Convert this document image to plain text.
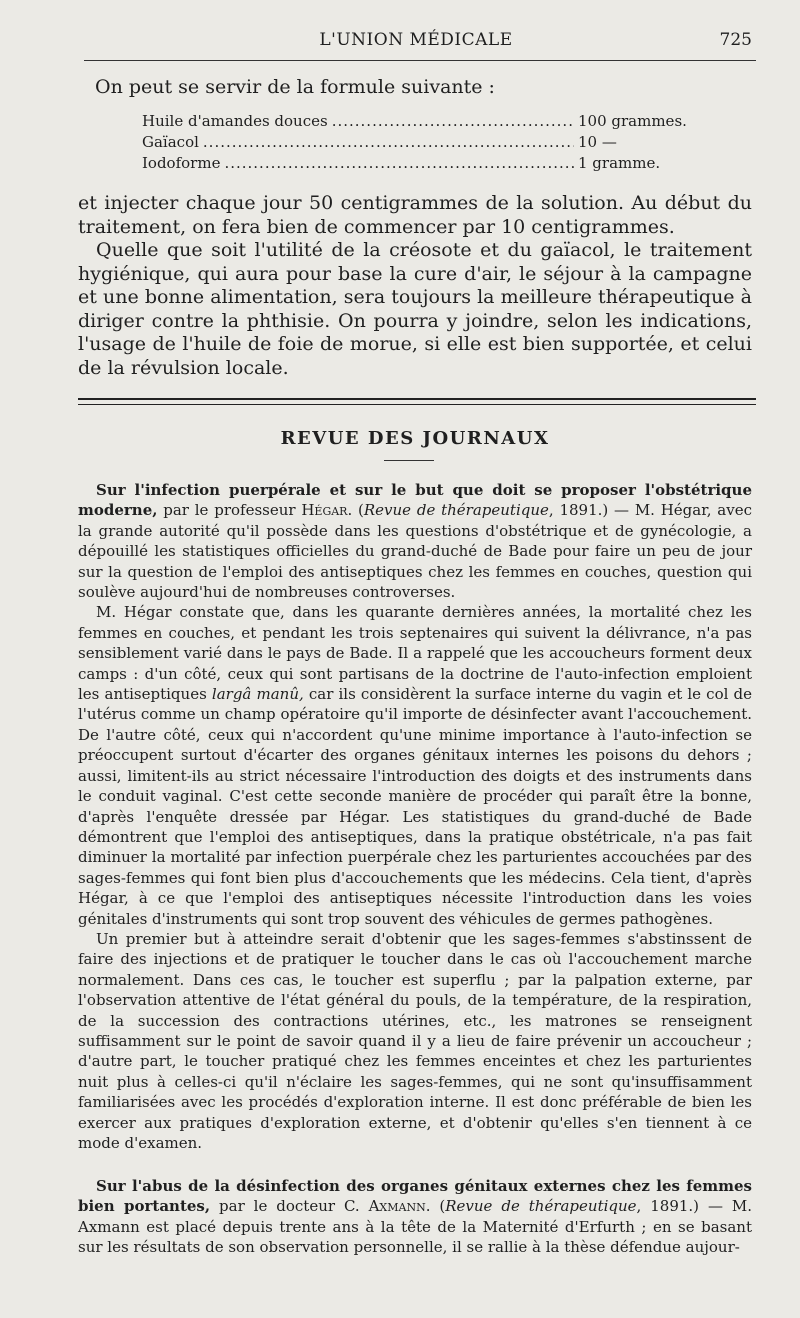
L'UNION MÉDICALE	725
On peut se servir de la formule suivante :
Huile d'amandes douces .....	100 grammes.
Gaïacol .....	10 —
Iodoforme .....	1 gramme.

et injecter chaque jour 50 centigrammes de la solution. Au début du traitement, on fera bien de commencer par 10 centigrammes.

Quelle que soit l'utilité de la créosote et du gaïacol, le traitement hygiénique, qui aura pour base la cure d'air, le séjour à la campagne et une bonne alimentation, sera toujours la meilleure thérapeutique à diriger contre la phthisie. On pourra y joindre, selon les indications, l'usage de l'huile de foie de morue, si elle est bien supportée, et celui de la révulsion locale.

REVUE DES JOURNAUX

Sur l'infection puerpérale et sur le but que doit se proposer l'obstétrique moderne, par le professeur Hégar. (Revue de thérapeutique, 1891.) — M. Hégar, avec la grande autorité qu'il possède dans les questions d'obstétrique et de gynécologie, a dépouillé les statistiques officielles du grand-duché de Bade pour faire un peu de jour sur la question de l'emploi des antiseptiques chez les femmes en couches, question qui soulève aujourd'hui de nombreuses controverses.

M. Hégar constate que, dans les quarante dernières années, la mortalité chez les femmes en couches, et pendant les trois septenaires qui suivent la délivrance, n'a pas sensiblement varié dans le pays de Bade. Il a rappelé que les accoucheurs forment deux camps : d'un côté, ceux qui sont partisans de la doctrine de l'auto-infection emploient les antiseptiques largâ manû, car ils considèrent la surface interne du vagin et le col de l'utérus comme un champ opératoire qu'il importe de désinfecter avant l'accouchement. De l'autre côté, ceux qui n'accordent qu'une minime importance à l'auto-infection se préoccupent surtout d'écarter des organes génitaux internes les poisons du dehors ; aussi, limitent-ils au strict nécessaire l'introduction des doigts et des instruments dans le conduit vaginal. C'est cette seconde manière de procéder qui paraît être la bonne, d'après l'enquête dressée par Hégar. Les statistiques du grand-duché de Bade démontrent que l'emploi des antiseptiques, dans la pratique obstétricale, n'a pas fait diminuer la mortalité par infection puerpérale chez les parturientes accouchées par des sages-femmes qui font bien plus d'accouchements que les médecins. Cela tient, d'après Hégar, à ce que l'emploi des antiseptiques nécessite l'introduction dans les voies génitales d'instruments qui sont trop souvent des véhicules de germes pathogènes.

Un premier but à atteindre serait d'obtenir que les sages-femmes s'abstinssent de faire des injections et de pratiquer le toucher dans le cas où l'accouchement marche normalement. Dans ces cas, le toucher est superflu ; par la palpation externe, par l'observation attentive de l'état général du pouls, de la température, de la respiration, de la succession des contractions utérines, etc., les matrones se renseignent suffisamment sur le point de savoir quand il y a lieu de faire prévenir un accoucheur ; d'autre part, le toucher pratiqué chez les femmes enceintes et chez les parturientes nuit plus à celles-ci qu'il n'éclaire les sages-femmes, qui ne sont qu'insuffisamment familiarisées avec les procédés d'exploration interne. Il est donc préférable de bien les exercer aux pratiques d'exploration externe, et d'obtenir qu'elles s'en tiennent à ce mode d'examen.

Sur l'abus de la désinfection des organes génitaux externes chez les femmes bien portantes, par le docteur C. Axmann. (Revue de thérapeutique, 1891.) — M. Axmann est placé depuis trente ans à la tête de la Maternité d'Erfurth ; en se basant sur les résultats de son observation personnelle, il se rallie à la thèse défendue aujour-
